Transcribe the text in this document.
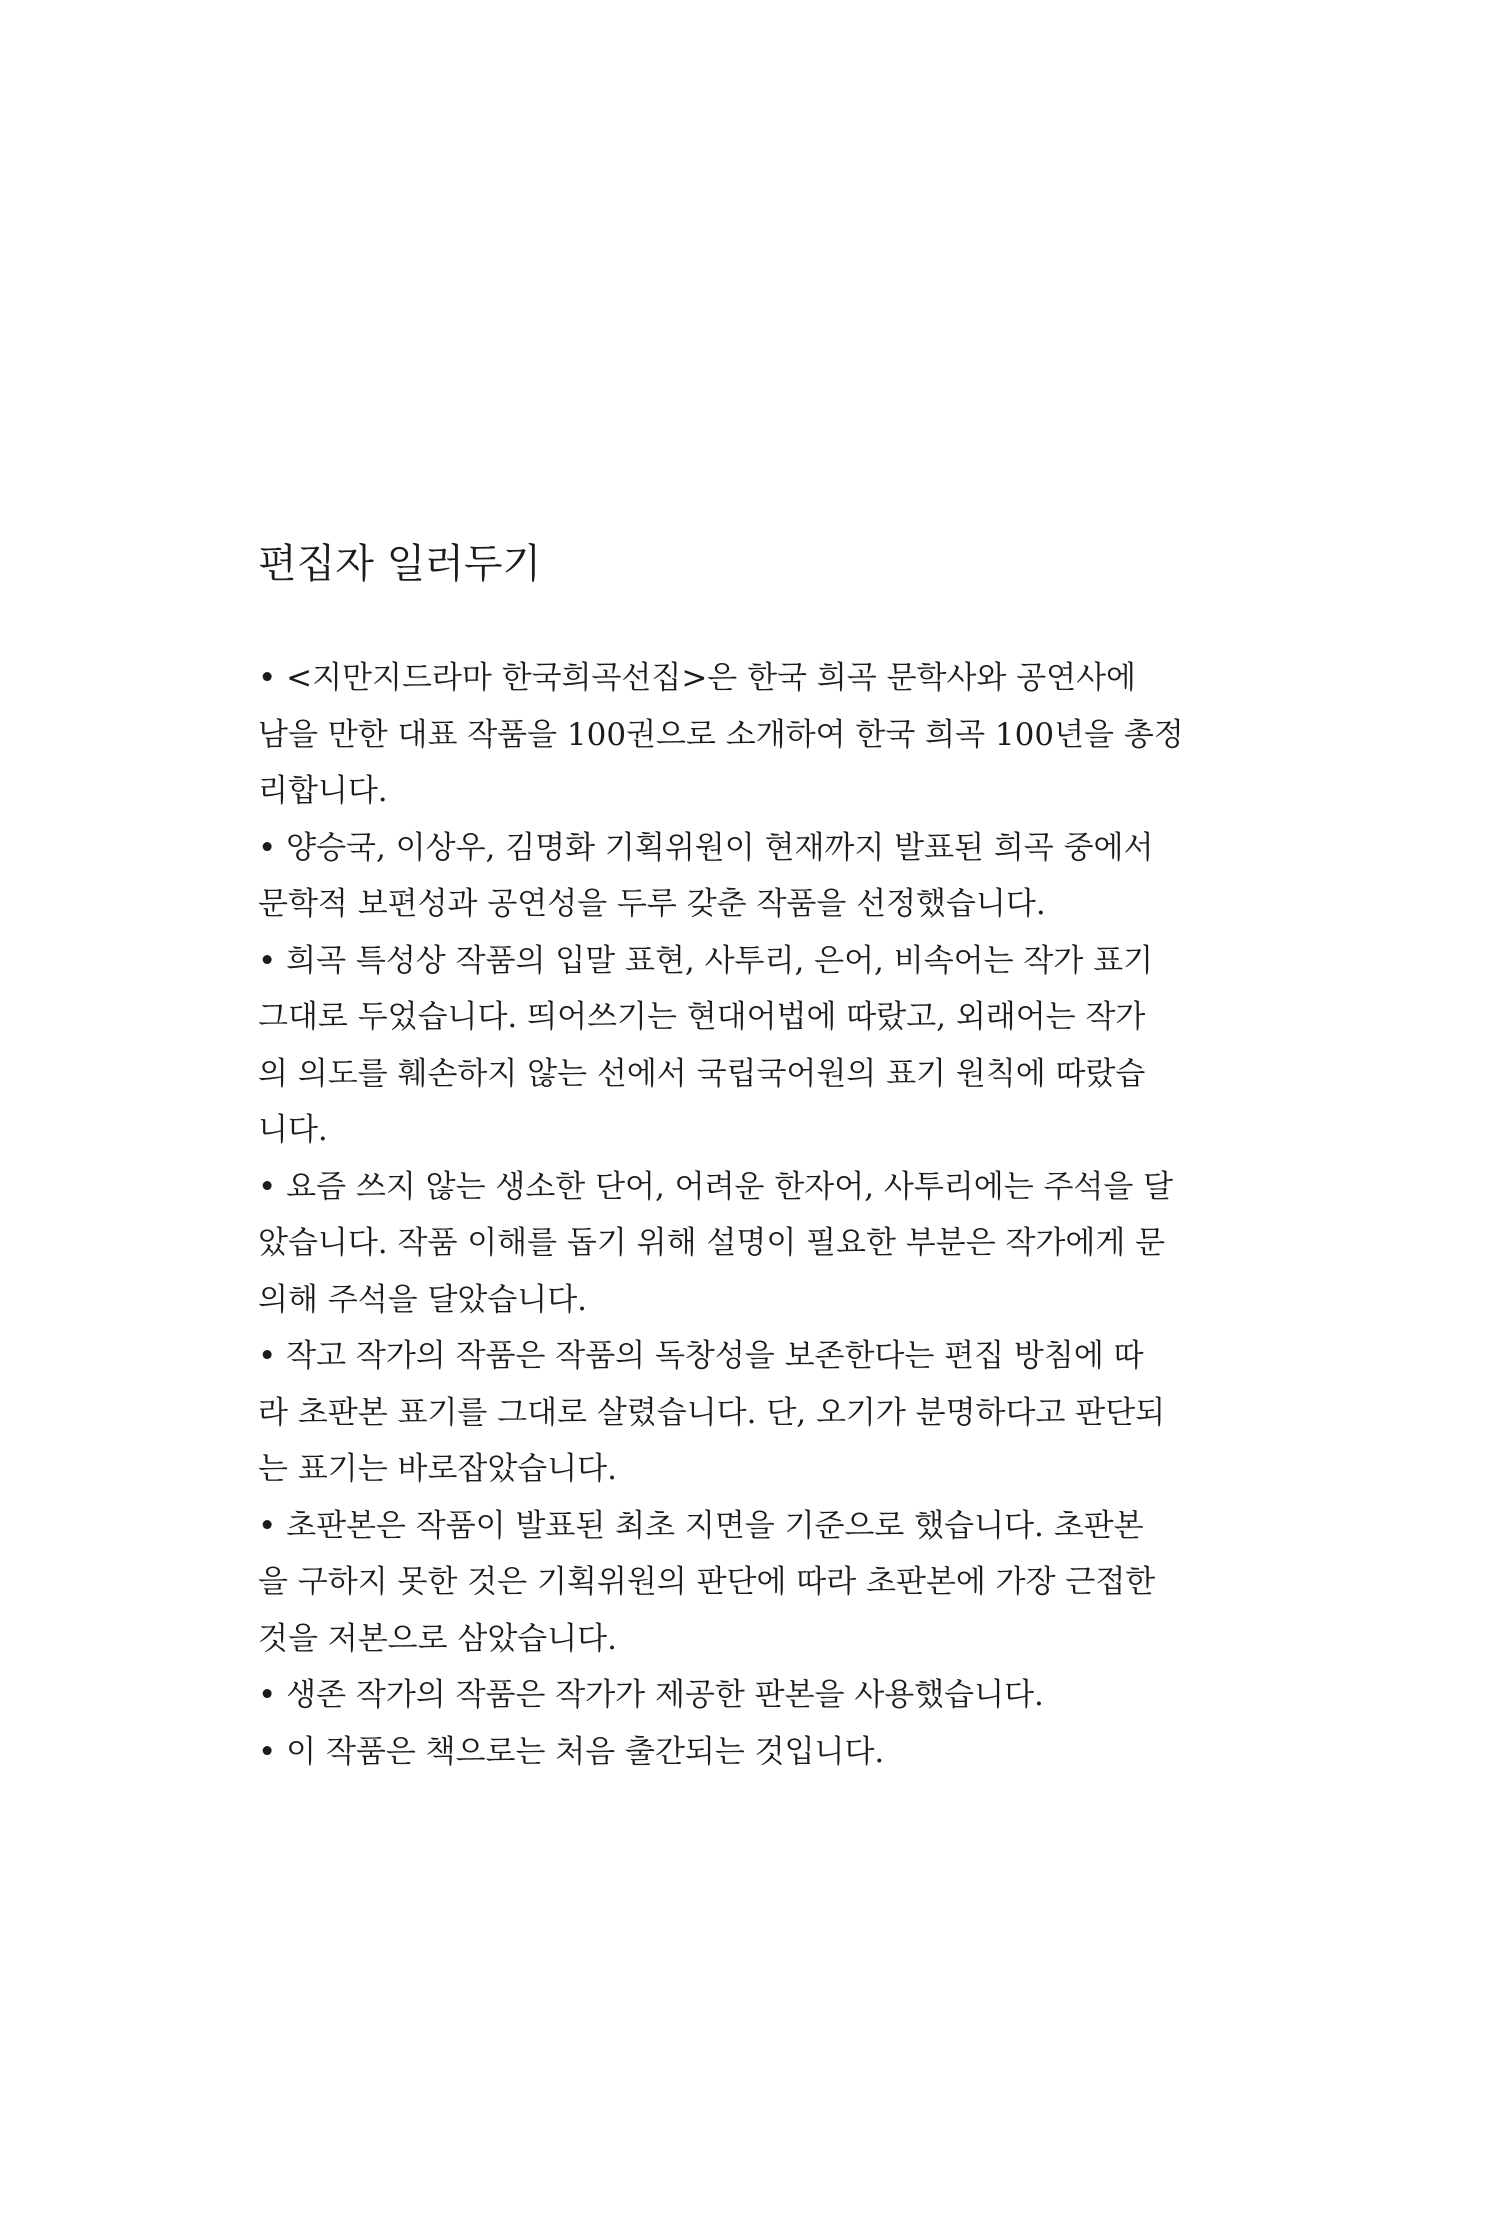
편집자 일러두기
• <지만지드라마 한국희곡선집>은 한국 희곡 문학사와 공연사에
남을 만한 대표 작품을 100권으로 소개하여 한국 희곡 100년을 총정
리합니다.
• 양승국, 이상우, 김명화 기획위원이 현재까지 발표된 희곡 중에서
문학적 보편성과 공연성을 두루 갖춘 작품을 선정했습니다.
• 희곡 특성상 작품의 입말 표현, 사투리, 은어, 비속어는 작가 표기
그대로 두었습니다. 띄어쓰기는 현대어법에 따랐고, 외래어는 작가
의 의도를 훼손하지 않는 선에서 국립국어원의 표기 원칙에 따랐습
니다.
• 요즘 쓰지 않는 생소한 단어, 어려운 한자어, 사투리에는 주석을 달
았습니다. 작품 이해를 돕기 위해 설명이 필요한 부분은 작가에게 문
의해 주석을 달았습니다.
• 작고 작가의 작품은 작품의 독창성을 보존한다는 편집 방침에 따
라 초판본 표기를 그대로 살렸습니다. 단, 오기가 분명하다고 판단되
는 표기는 바로잡았습니다.
• 초판본은 작품이 발표된 최초 지면을 기준으로 했습니다. 초판본
을 구하지 못한 것은 기획위원의 판단에 따라 초판본에 가장 근접한
것을 저본으로 삼았습니다.
• 생존 작가의 작품은 작가가 제공한 판본을 사용했습니다.
• 이 작품은 책으로는 처음 출간되는 것입니다.
